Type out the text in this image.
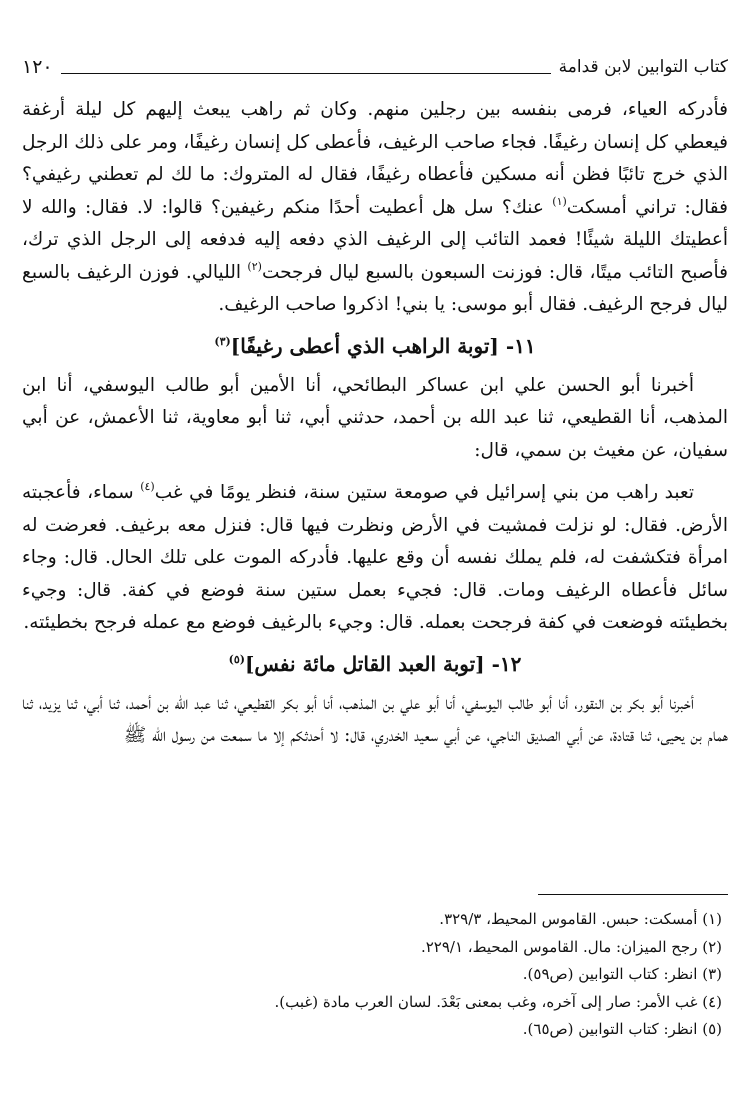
كتاب التوابين لابن قدامة
١٢٠

فأدركه العياء، فرمى بنفسه بين رجلين منهم. وكان ثم راهب يبعث إليهم كل ليلة أرغفة فيعطي كل إنسان رغيفًا. فجاء صاحب الرغيف، فأعطى كل إنسان رغيفًا، ومر على ذلك الرجل الذي خرج تائبًا فظن أنه مسكين فأعطاه رغيفًا، فقال له المتروك: ما لك لم تعطني رغيفي؟ فقال: تراني أمسكت$^{(١)}$ عنك؟ سل هل أعطيت أحدًا منكم رغيفين؟ قالوا: لا. فقال: والله لا أعطيتك الليلة شيئًا! فعمد التائب إلى الرغيف الذي دفعه إليه فدفعه إلى الرجل الذي ترك، فأصبح التائب ميتًا، قال: فوزنت السبعون بالسبع ليال فرجحت$^{(٢)}$ الليالي. فوزن الرغيف بالسبع ليال فرجح الرغيف. فقال أبو موسى: يا بني! اذكروا صاحب الرغيف.

١١- [توبة الراهب الذي أعطى رغيفًا]$^{(٣)}$

أخبرنا أبو الحسن علي ابن عساكر البطائحي، أنا الأمين أبو طالب اليوسفي، أنا ابن المذهب، أنا القطيعي، ثنا عبد الله بن أحمد، حدثني أبي، ثنا أبو معاوية، ثنا الأعمش، عن أبي سفيان، عن مغيث بن سمي، قال:

تعبد راهب من بني إسرائيل في صومعة ستين سنة، فنظر يومًا في غب$^{(٤)}$ سماء، فأعجبته الأرض. فقال: لو نزلت فمشيت في الأرض ونظرت فيها قال: فنزل معه برغيف. فعرضت له امرأة فتكشفت له، فلم يملك نفسه أن وقع عليها. فأدركه الموت على تلك الحال. قال: وجاء سائل فأعطاه الرغيف ومات. قال: فجيء بعمل ستين سنة فوضع في كفة. قال: وجيء بخطيئته فوضعت في كفة فرجحت بعمله. قال: وجيء بالرغيف فوضع مع عمله فرجح بخطيئته.

١٢- [توبة العبد القاتل مائة نفس]$^{(٥)}$

أخبرنا أبو بكر بن النقور، أنا أبو طالب اليوسفي، أنا أبو علي بن المذهب، أنا أبو بكر القطيعي، ثنا عبد الله بن أحمد، ثنا أبي، ثنا يزيد، ثنا همام بن يحيى، ثنا قتادة، عن أبي الصديق الناجي، عن أبي سعيد الخدري، قال: لا أحدثكم إلا ما سمعت من رسول الله ﷺ

(١) أمسكت: حبس. القاموس المحيط، ٣٢٩/٣.

(٢) رجح الميزان: مال. القاموس المحيط، ٢٢٩/١.

(٣) انظر: كتاب التوابين (ص٥٩).

(٤) غب الأمر: صار إلى آخره، وغب بمعنى بَعْدَ. لسان العرب مادة (غبب).

(٥) انظر: كتاب التوابين (ص٦٥).
